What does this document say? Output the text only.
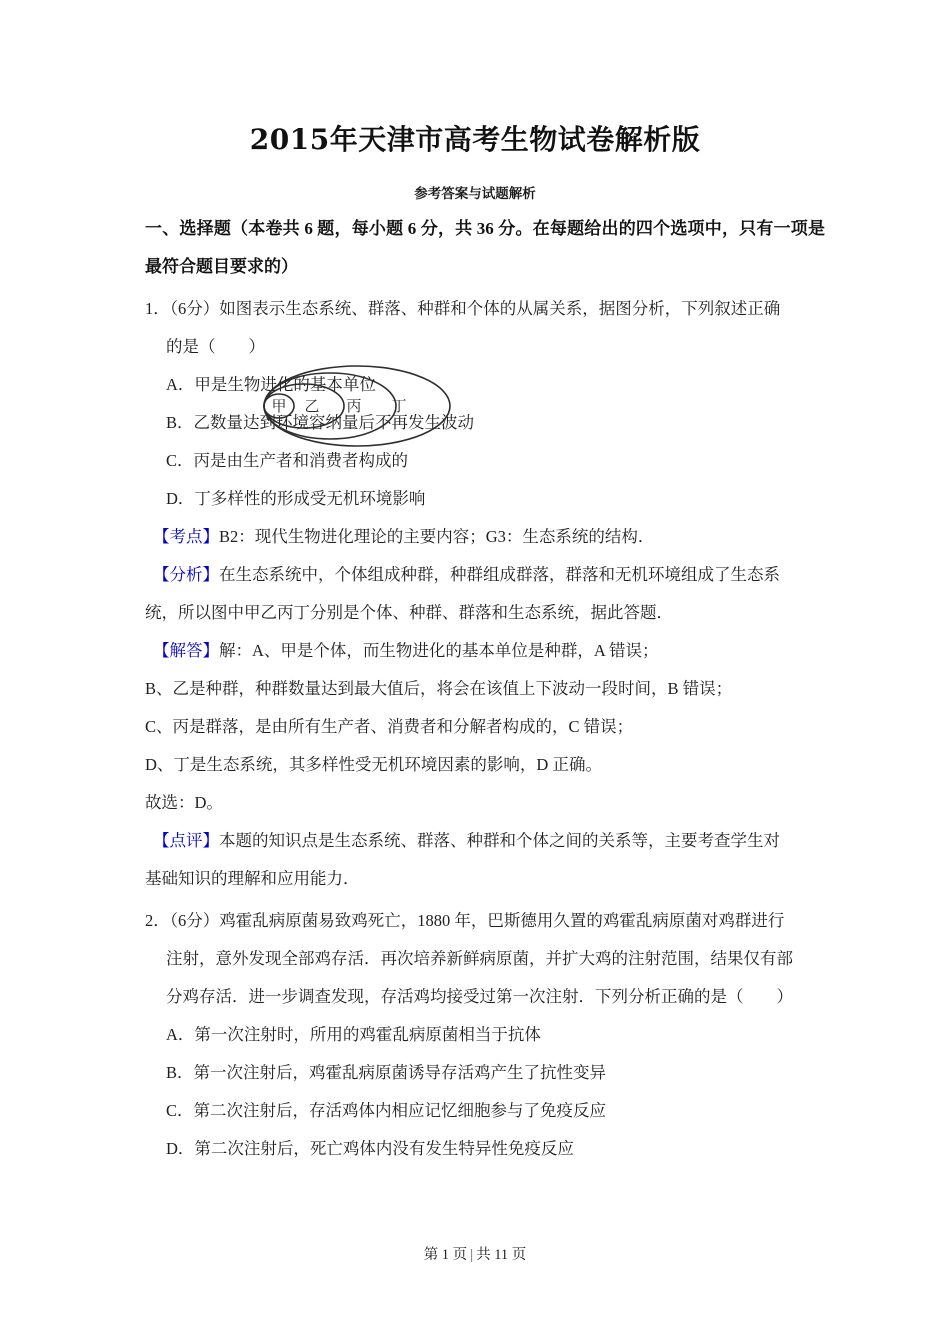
2015年天津市高考生物试卷解析版
参考答案与试题解析
一、选择题（本卷共 6 题，每小题 6 分，共 36 分。在每题给出的四个选项中，只有一项是最符合题目要求的）
1．（6分）如图表示生态系统、群落、种群和个体的从属关系，据图分析，下列叙述正确
的是（　　）
A．甲是生物进化的基本单位
B．乙数量达到环境容纳量后不再发生波动
C．丙是由生产者和消费者构成的
D．丁多样性的形成受无机环境影响
【考点】B2：现代生物进化理论的主要内容；G3：生态系统的结构．
【分析】在生态系统中，个体组成种群，种群组成群落，群落和无机环境组成了生态系
统，所以图中甲乙丙丁分别是个体、种群、群落和生态系统，据此答题．
【解答】解：A、甲是个体，而生物进化的基本单位是种群，A 错误；
B、乙是种群，种群数量达到最大值后，将会在该值上下波动一段时间，B 错误；
C、丙是群落，是由所有生产者、消费者和分解者构成的，C 错误；
D、丁是生态系统，其多样性受无机环境因素的影响，D 正确。
故选：D。
【点评】本题的知识点是生态系统、群落、种群和个体之间的关系等，主要考查学生对
基础知识的理解和应用能力．
2．（6分）鸡霍乱病原菌易致鸡死亡，1880 年，巴斯德用久置的鸡霍乱病原菌对鸡群进行
注射，意外发现全部鸡存活．再次培养新鲜病原菌，并扩大鸡的注射范围，结果仅有部
分鸡存活．进一步调查发现，存活鸡均接受过第一次注射．下列分析正确的是（　　）
A．第一次注射时，所用的鸡霍乱病原菌相当于抗体
B．第一次注射后，鸡霍乱病原菌诱导存活鸡产生了抗性变异
C．第二次注射后，存活鸡体内相应记忆细胞参与了免疫反应
D．第二次注射后，死亡鸡体内没有发生特异性免疫反应
甲 乙 丙 丁
第 1 页 | 共 11 页
